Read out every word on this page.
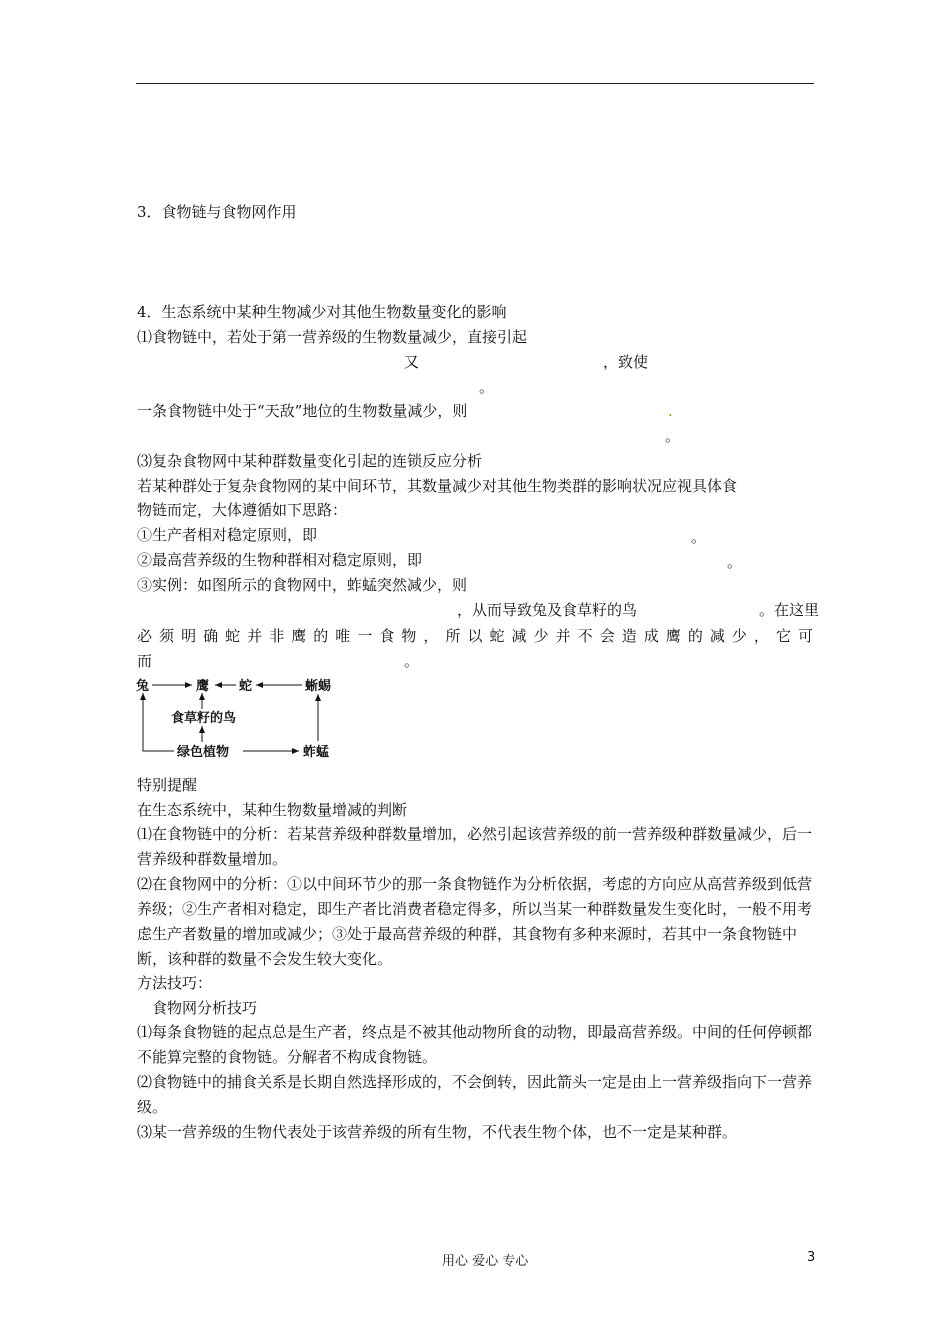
3．食物链与食物网作用
4．生态系统中某种生物减少对其他生物数量变化的影响
⑴食物链中，若处于第一营养级的生物数量减少，直接引起
又	，致使
。
一条食物链中处于“天敌”地位的生物数量减少，则	.
。
⑶复杂食物网中某种群数量变化引起的连锁反应分析
若某种群处于复杂食物网的某中间环节，其数量减少对其他生物类群的影响状况应视具体食
物链而定，大体遵循如下思路：
①生产者相对稳定原则，即	。
②最高营养级的生物种群相对稳定原则，即	。
③实例：如图所示的食物网中，蚱蜢突然减少，则
，从而导致兔及食草籽的鸟	。在这里
必须明确蛇并非鹰的唯一食物，所以蛇减少并不会造成鹰的减少，它可
而	。
兔	鹰 蛇	蜥蜴
食草籽的鸟
绿色植物	蚱蜢
特别提醒
在生态系统中，某种生物数量增减的判断
⑴在食物链中的分析：若某营养级种群数量增加，必然引起该营养级的前一营养级种群数量减少，后一营养级种群数量增加。
⑵在食物网中的分析：①以中间环节少的那一条食物链作为分析依据，考虑的方向应从高营养级到低营养级；②生产者相对稳定，即生产者比消费者稳定得多，所以当某一种群数量发生变化时，一般不用考虑生产者数量的增加或减少；③处于最高营养级的种群，其食物有多种来源时，若其中一条食物链中断，该种群的数量不会发生较大变化。
方法技巧：
食物网分析技巧
⑴每条食物链的起点总是生产者，终点是不被其他动物所食的动物，即最高营养级。中间的任何停顿都不能算完整的食物链。分解者不构成食物链。
⑵食物链中的捕食关系是长期自然选择形成的，不会倒转，因此箭头一定是由上一营养级指向下一营养级。
⑶某一营养级的生物代表处于该营养级的所有生物，不代表生物个体，也不一定是某种群。
用心 爱心 专心	3
